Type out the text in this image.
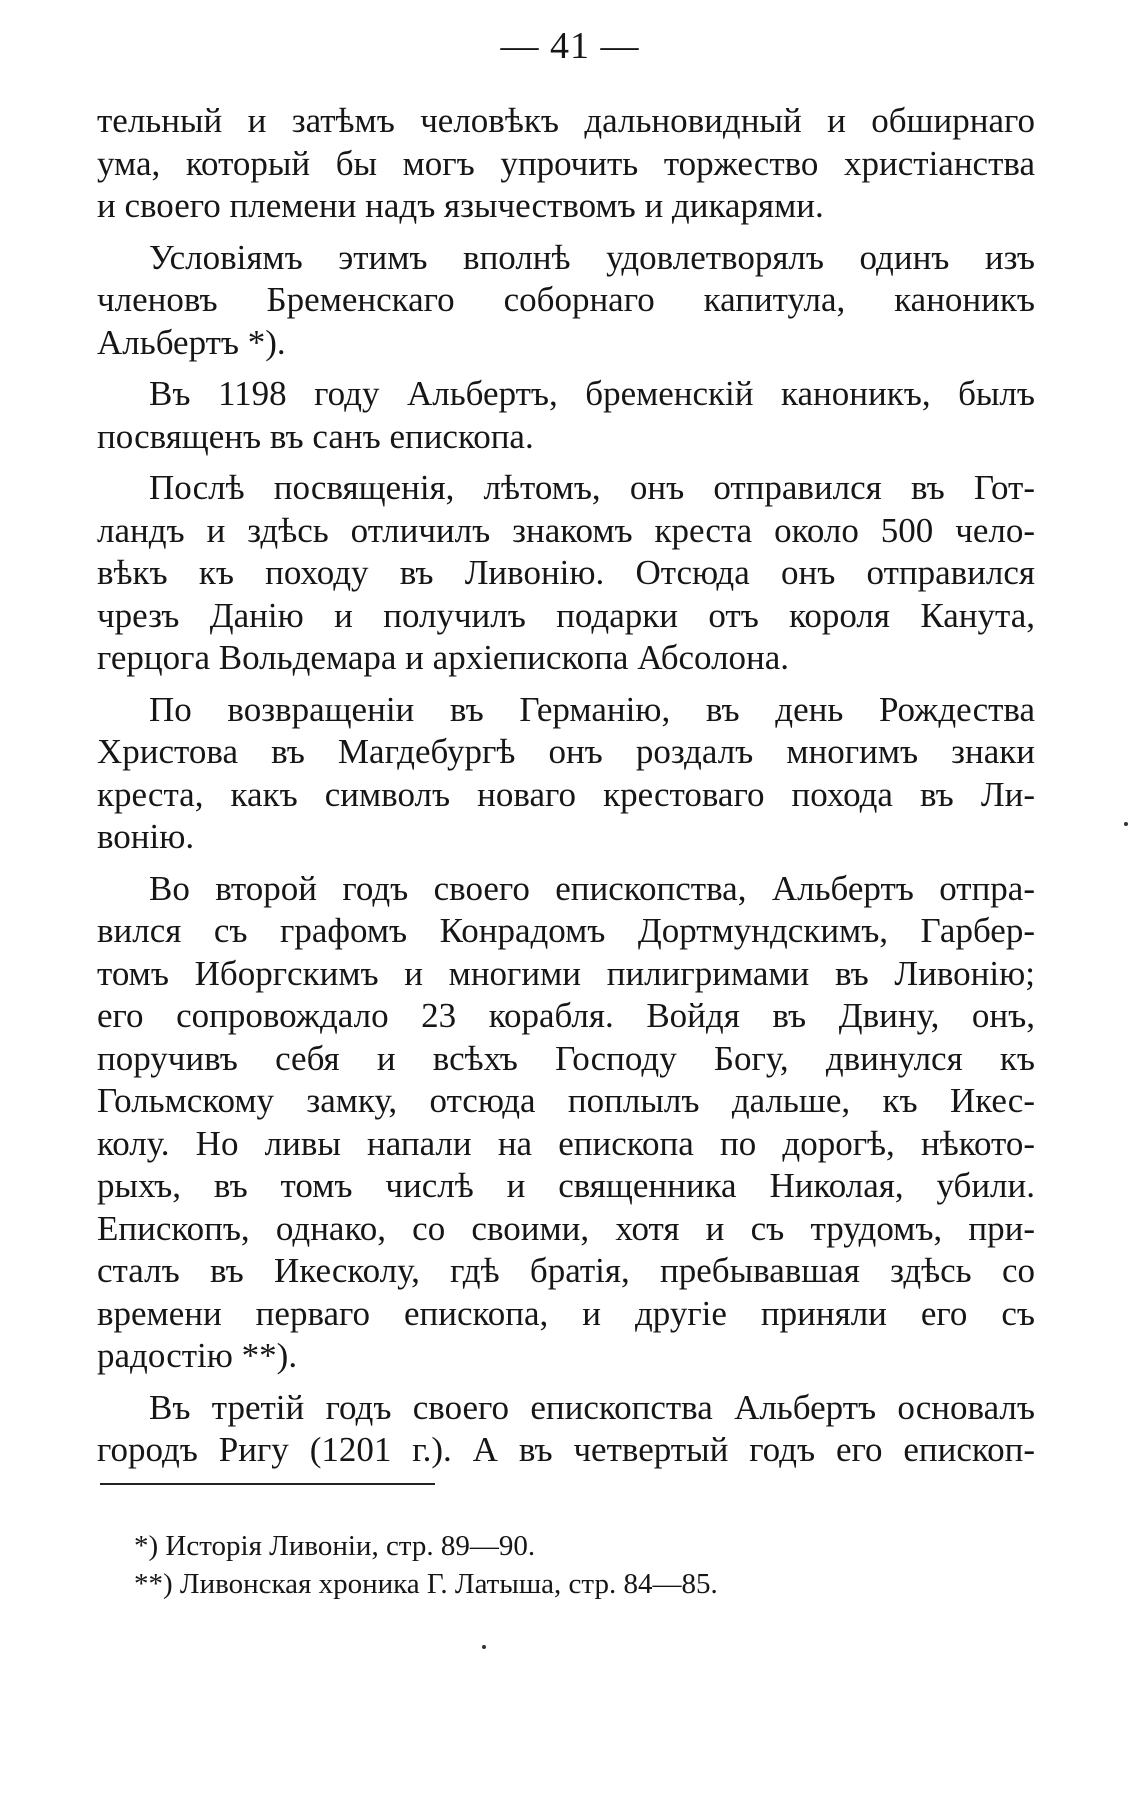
— 41 —
тельный и затѣмъ человѣкъ дальновидный и обширнаго
ума, который бы могъ упрочить торжество христіанства
и своего племени надъ язычествомъ и дикарями.
Условіямъ этимъ вполнѣ удовлетворялъ одинъ изъ
членовъ Бременскаго соборнаго капитула, каноникъ
Альбертъ *).
Въ 1198 году Альбертъ, бременскій каноникъ, былъ
посвященъ въ санъ епископа.
Послѣ посвященія, лѣтомъ, онъ отправился въ Гот-
ландъ и здѣсь отличилъ знакомъ креста около 500 чело-
вѣкъ къ походу въ Ливонію. Отсюда онъ отправился
чрезъ Данію и получилъ подарки отъ короля Канута,
герцога Вольдемара и архіепископа Абсолона.
По возвращеніи въ Германію, въ день Рождества
Христова въ Магдебургѣ онъ роздалъ многимъ знаки
креста, какъ символъ новаго крестоваго похода въ Ли-
вонію.
Во второй годъ своего епископства, Альбертъ отпра-
вился съ графомъ Конрадомъ Дортмундскимъ, Гарбер-
томъ Иборгскимъ и многими пилигримами въ Ливонію;
его сопровождало 23 корабля. Войдя въ Двину, онъ,
поручивъ себя и всѣхъ Господу Богу, двинулся къ
Гольмскому замку, отсюда поплылъ дальше, къ Икес-
колу. Но ливы напали на епископа по дорогѣ, нѣкото-
рыхъ, въ томъ числѣ и священника Николая, убили.
Епископъ, однако, со своими, хотя и съ трудомъ, при-
сталъ въ Икесколу, гдѣ братія, пребывавшая здѣсь со
времени перваго епископа, и другіе приняли его съ
радостію **).
Въ третій годъ своего епископства Альбертъ основалъ
городъ Ригу (1201 г.). А въ четвертый годъ его епископ-
*) Исторія Ливоніи, стр. 89—90.
**) Ливонская хроника Г. Латыша, стр. 84—85.
